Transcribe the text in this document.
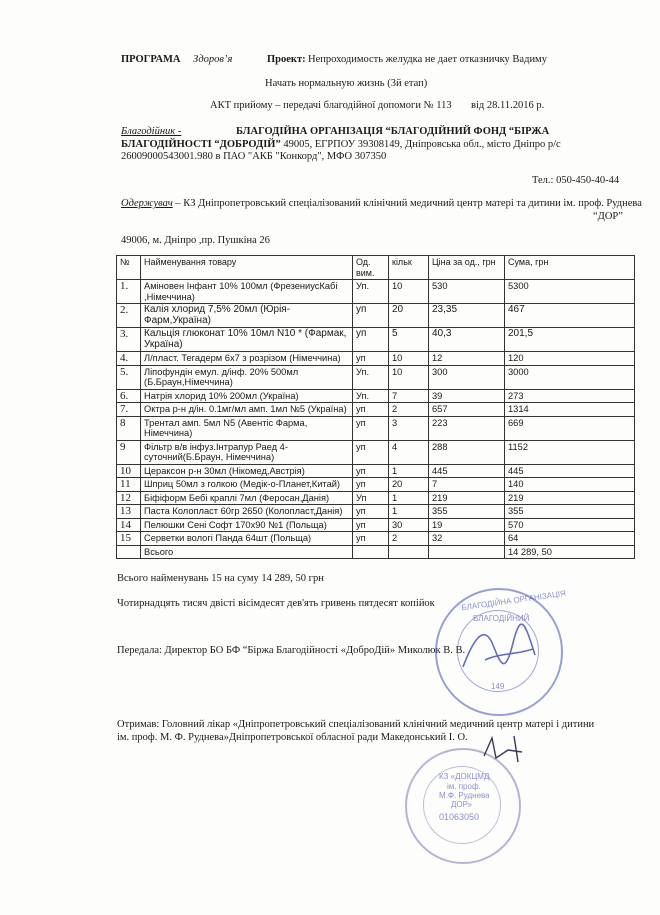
ПРОГРАМА Здоров’я	Проект: Непроходимость желудка не дает отказничку Вадиму
Начать нормальную жизнь (3й етап)
АКТ прийому – передачі благодійної допомоги № 113 від 28.11.2016 р.
Благодійник -	БЛАГОДІЙНА ОРГАНІЗАЦІЯ “БЛАГОДІЙНИЙ ФОНД “БІРЖА
БЛАГОДІЙНОСТІ “ДОБРОДІЙ” 49005, ЕГРПОУ 39308149, Дніпровська обл., місто Дніпро р/с
26009000543001.980 в ПАО "АКБ "Конкорд", МФО 307350
Тел.: 050-450-40-44
Одержувач – КЗ Дніпропетровський спеціалізований клінічний медичний центр матері та дитини ім. проф. Руднева
“ДОР”
49006, м. Дніпро ,пр. Пушкіна 26
№	Найменування товару	Од. вим.	кільк	Ціна за од., грн	Сума, грн
1.	Аміновен Інфант 10% 100мл (ФрезениусКабі ,Німеччина)	Уп.	10	530	5300
2.	Калія хлорид 7,5% 20мл (Юрія-Фарм,Україна)	уп	20	23,35	467
3.	Кальція глюконат 10% 10мл N10 * (Фармак, Україна)	уп	5	40,3	201,5
4.	Л/пласт. Тегадерм 6х7 з розрізом (Німеччина)	уп	10	12	120
5.	Ліпофундін емул. д/інф. 20% 500мл (Б.Браун,Німеччина)	Уп.	10	300	3000
6.	Натрія хлорид 10% 200мл (Україна)	Уп.	7	39	273
7.	Октра р-н д/ін. 0.1мг/мл амп. 1мл №5 (Україна)	уп	2	657	1314
8	Трентал амп. 5мл N5 (Авентіс Фарма, Німеччина)	уп	3	223	669
9	Фільтр в/в інфуз.Інтрапур Раед 4-суточний(Б.Браун, Німеччина)	уп	4	288	1152
10	Церaксон р-н 30мл (Нікомед,Австрія)	уп	1	445	445
11	Шприц 50мл з голкою (Медік-о-Планет,Китай)	уп	20	7	140
12	Біфіформ Бебі краплі 7мл (Феросан,Данія)	Уп	1	219	219
13	Паста Колопласт 60гр 2650 (Колопласт,Данія)	уп	1	355	355
14	Пелюшки Сені Софт 170х90 №1 (Польща)	уп	30	19	570
15	Серветки вологі Панда 64шт (Польща)	уп	2	32	64
	Всього				14 289, 50
Всього найменувань 15 на суму 14 289, 50 грн
Чотирнадцять тисяч двісті вісімдесят дев'ять гривень пятдесят копійок
Передала: Директор БО БФ “Біржа Благодійності «ДоброДій» Миколюк В. В.
Отримав: Головний лікар «Дніпропетровський спеціалізований клінічний медичний центр матері і дитини
ім. проф. М. Ф. Руднева»Дніпропетровської обласної ради Македонський І. О.
БЛАГОДІЙНА ОРГАНІЗАЦІЯ
БЛАГОДІЙНИЙ
149
КЗ «ДОКЦМД
ім. проф.
М.Ф. Руднева
ДОР»
01063050
